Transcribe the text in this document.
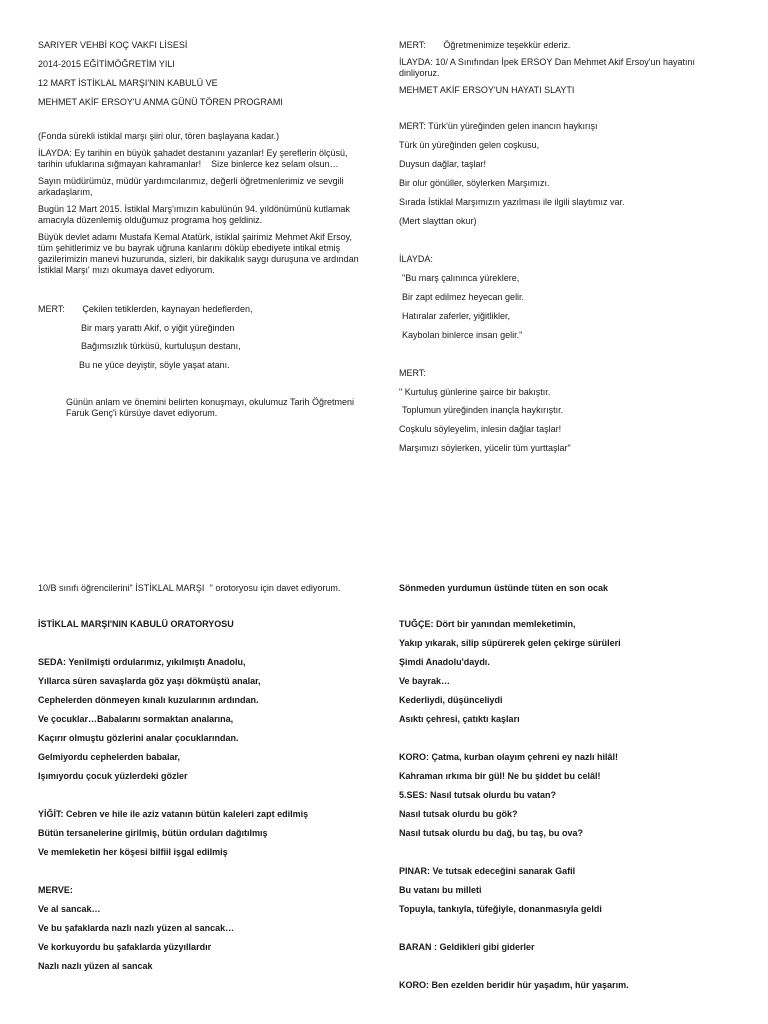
SARIYER VEHBİ KOÇ VAKFI LİSESİ

2014-2015 EĞİTİMÖĞRETİM YILI

12 MART İSTİKLAL MARŞI'NIN KABULÜ VE

MEHMET AKİF ERSOY'U ANMA GÜNÜ TÖREN PROGRAMI

(Fonda sürekli istiklal marşı şiiri olur, tören başlayana kadar.)

İLAYDA: Ey tarihin en büyük şahadet destanını yazanlar! Ey şereflerin ölçüsü, tarihin ufuklarına sığmayan kahramanlar!    Size binlerce kez selam olsun…

Sayın müdürümüz, müdür yardımcılarımız, değerli öğretmenlerimiz ve sevgili arkadaşlarım,

Bugün 12 Mart 2015. İstiklal Marş'ımızın kabulünün 94. yıldönümünü kutlamak amacıyla düzenlemiş olduğumuz programa hoş geldiniz.

Büyük devlet adamı Mustafa Kemal Atatürk, istiklal şairimiz Mehmet Akif Ersoy, tüm şehitlerimiz ve bu bayrak uğruna kanlarını döküp ebediyete intikal etmiş gazilerimizin manevi huzurunda, sizleri, bir dakikalık saygı duruşuna ve ardından İstiklal Marşı' mızı okumaya davet ediyorum.

MERT:       Çekilen tetiklerden, kaynayan hedeflerden,

Bir marş yarattı Akif, o yiğit yüreğinden

Bağımsızlık türküsü, kurtuluşun destanı,

Bu ne yüce deyiştir, söyle yaşat atanı.

Günün anlam ve önemini belirten konuşmayı, okulumuz Tarih Öğretmeni Faruk Genç'i kürsüye davet ediyorum.

MERT:       Öğretmenimize teşekkür ederiz.

İLAYDA: 10/ A Sınıfından İpek ERSOY Dan Mehmet Akif Ersoy'un hayatını dinliyoruz.

MEHMET AKİF ERSOY'UN HAYATI SLAYTI

MERT: Türk'ün yüreğinden gelen inancın haykırışı

Türk ün yüreğinden gelen coşkusu,

Duysun dağlar, taşlar!

Bir olur gönüller, söylerken Marşımızı.

Sırada İstiklal Marşımızın yazılması ile ilgili slaytımız var.

(Mert slayttan okur)

İLAYDA:

"Bu marş çalınınca yüreklere,

Bir zapt edilmez heyecan gelir.

Hatıralar zaferler, yiğitlikler,

Kaybolan binlerce insan gelir."

MERT:

" Kurtuluş günlerine şairce bir bakıştır.

Toplumun yüreğinden inançla haykırıştır.

Coşkulu söyleyelim, inlesin dağlar taşlar!

Marşımızı söylerken, yücelir tüm yurttaşlar"

10/B sınıfı öğrencilerini" İSTİKLAL MARŞI  '' orotoryosu için davet ediyorum.

İSTİKLAL MARŞI'NIN KABULÜ ORATORYOSU

SEDA: Yenilmişti ordularımız, yıkılmıştı Anadolu,

Yıllarca süren savaşlarda göz yaşı dökmüştü analar,

Cephelerden dönmeyen kınalı kuzularının ardından.

Ve çocuklar…Babalarını sormaktan analarına,

Kaçırır olmuştu gözlerini analar çocuklarından.

Gelmiyordu cephelerden babalar,

Işımıyordu çocuk yüzlerdeki gözler

YİĞİT: Cebren ve hile ile aziz vatanın bütün kaleleri zapt edilmiş

Bütün tersanelerine girilmiş, bütün orduları dağıtılmış

Ve memleketin her köşesi bilfiil işgal edilmiş

MERVE:

Ve al sancak…

Ve bu şafaklarda nazlı nazlı yüzen al sancak…

Ve korkuyordu bu şafaklarda yüzyıllardır

Nazlı nazlı yüzen al sancak

Sönmeden yurdumun üstünde tüten en son ocak

TUĞÇE: Dört bir yanından memleketimin,

Yakıp yıkarak, silip süpürerek gelen çekirge sürüleri

Şimdi Anadolu'daydı.

Ve bayrak…

Kederliydi, düşünceliydi

Asıktı çehresi, çatıktı kaşları

KORO: Çatma, kurban olayım çehreni ey nazlı hilâl!

Kahraman ırkıma bir gül! Ne bu şiddet bu celâl!

5.SES: Nasıl tutsak olurdu bu vatan?

Nasıl tutsak olurdu bu gök?

Nasıl tutsak olurdu bu dağ, bu taş, bu ova?

PINAR: Ve tutsak edeceğini sanarak Gafil

Bu vatanı bu milleti

Topuyla, tankıyla, tüfeğiyle, donanmasıyla geldi

BARAN : Geldikleri gibi giderler

KORO: Ben ezelden beridir hür yaşadım, hür yaşarım.
